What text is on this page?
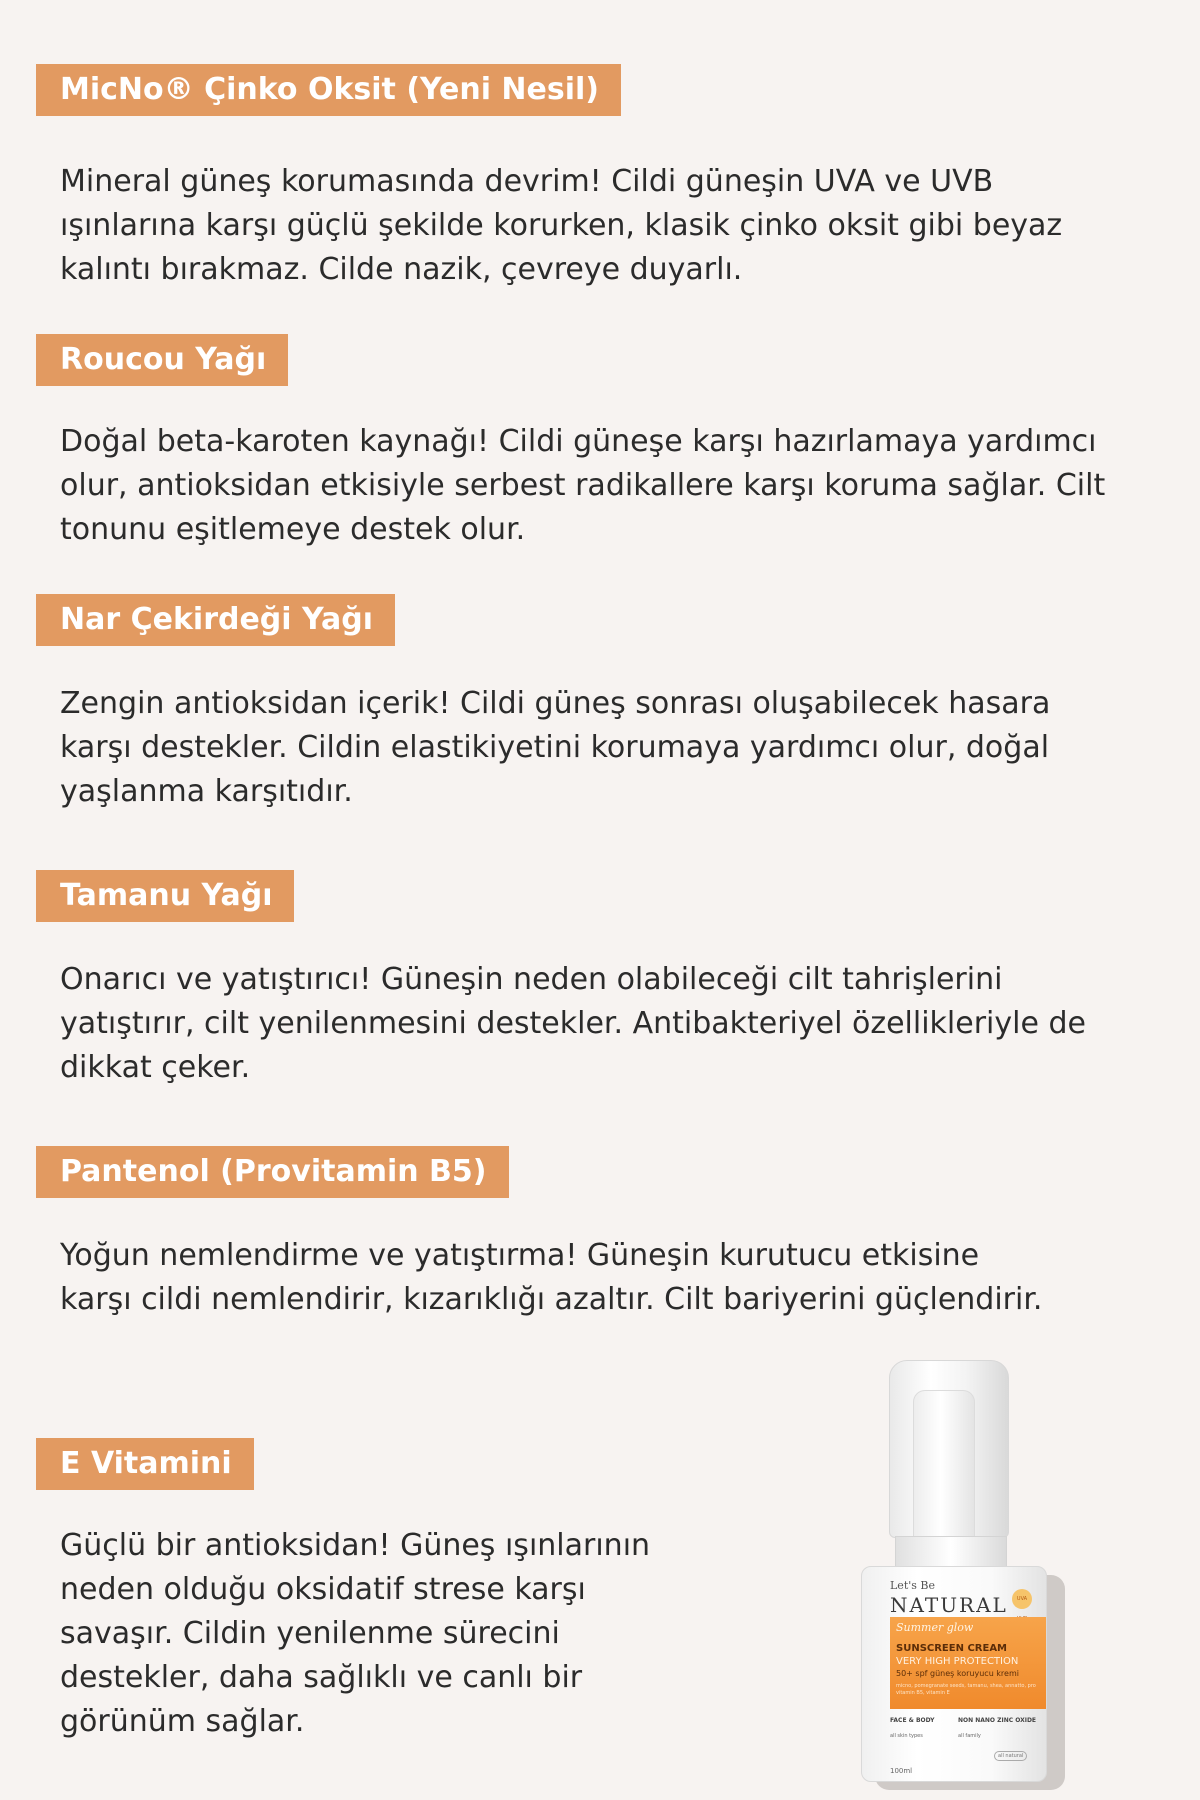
MicNo® Çinko Oksit (Yeni Nesil)
Mineral güneş korumasında devrim! Cildi güneşin UVA ve UVB
ışınlarına karşı güçlü şekilde korurken, klasik çinko oksit gibi beyaz
kalıntı bırakmaz. Cilde nazik, çevreye duyarlı.
Roucou Yağı
Doğal beta-karoten kaynağı! Cildi güneşe karşı hazırlamaya yardımcı
olur, antioksidan etkisiyle serbest radikallere karşı koruma sağlar. Cilt
tonunu eşitlemeye destek olur.
Nar Çekirdeği Yağı
Zengin antioksidan içerik! Cildi güneş sonrası oluşabilecek hasara
karşı destekler. Cildin elastikiyetini korumaya yardımcı olur, doğal
yaşlanma karşıtıdır.
Tamanu Yağı
Onarıcı ve yatıştırıcı! Güneşin neden olabileceği cilt tahrişlerini
yatıştırır, cilt yenilenmesini destekler. Antibakteriyel özellikleriyle de
dikkat çeker.
Pantenol (Provitamin B5)
Yoğun nemlendirme ve yatıştırma! Güneşin kurutucu etkisine
karşı cildi nemlendirir, kızarıklığı azaltır. Cilt bariyerini güçlendirir.
E Vitamini
Güçlü bir antioksidan! Güneş ışınlarının
neden olduğu oksidatif strese karşı
savaşır. Cildin yenilenme sürecini
destekler, daha sağlıklı ve canlı bir
görünüm sağlar.
Let's Be
NATURAL	UVA
Summer glow
SUNSCREEN CREAM
VERY HIGH PROTECTION
50+ spf güneş koruyucu kremi
micno, pomegranate seeds, tamanu, shea, annatto, pro vitamin B5, vitamin E
FACE & BODY	NON NANO ZINC OXIDE
all skin types	all family
all natural
100ml
